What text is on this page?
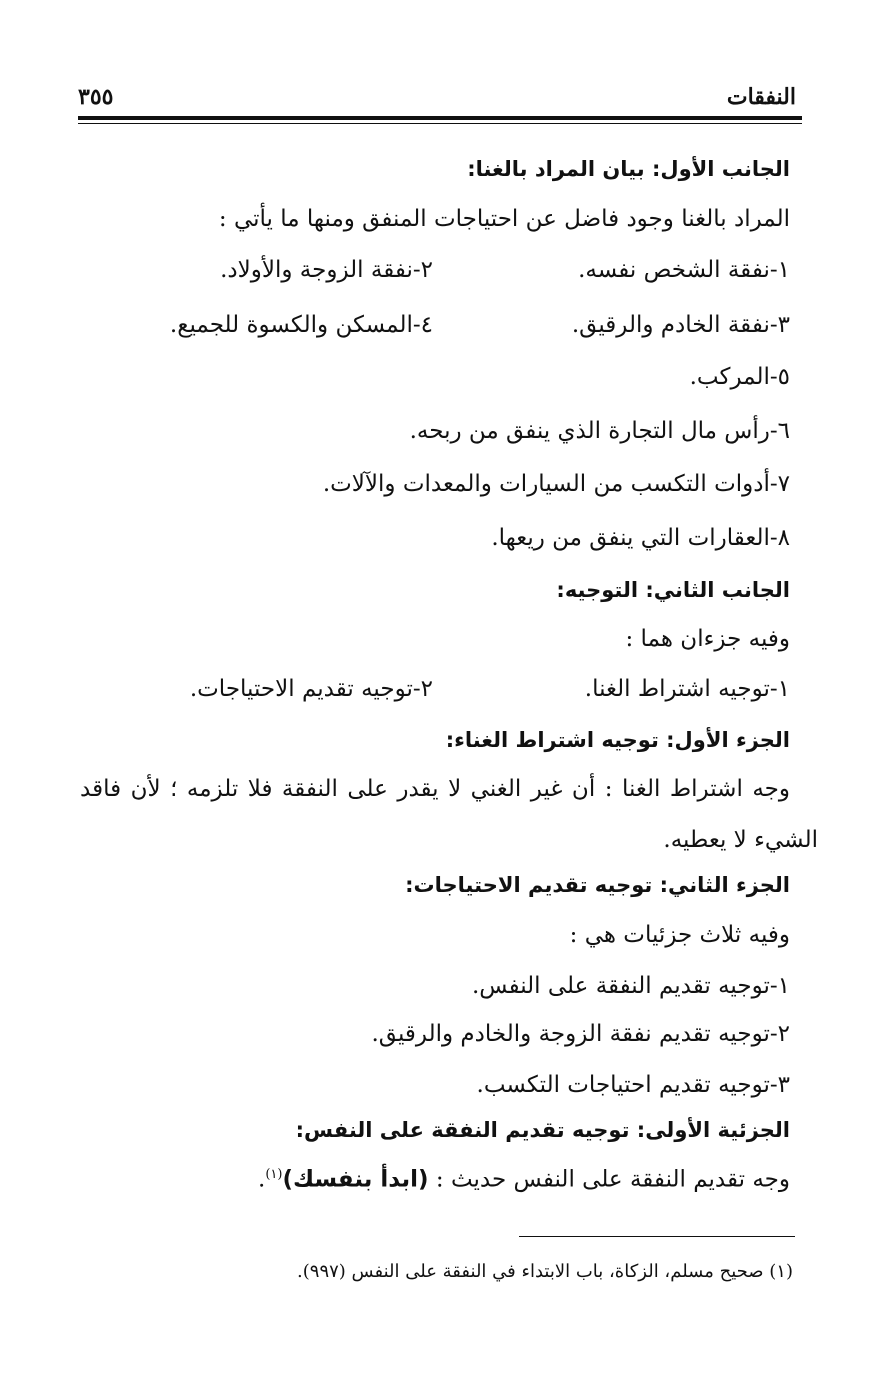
النفقات
٣٥٥
الجانب الأول: بيان المراد بالغنا:
المراد بالغنا وجود فاضل عن احتياجات المنفق ومنها ما يأتي :
١-نفقة الشخص نفسه.
٢-نفقة الزوجة والأولاد.
٣-نفقة الخادم والرقيق.
٤-المسكن والكسوة للجميع.
٥-المركب.
٦-رأس مال التجارة الذي ينفق من ربحه.
٧-أدوات التكسب من السيارات والمعدات والآلات.
٨-العقارات التي ينفق من ريعها.
الجانب الثاني: التوجيه:
وفيه جزءان هما :
١-توجيه اشتراط الغنا.
٢-توجيه تقديم الاحتياجات.
الجزء الأول: توجيه اشتراط الغناء:
وجه اشتراط الغنا : أن غير الغني لا يقدر على النفقة فلا تلزمه ؛ لأن فاقد
الشيء لا يعطيه.
الجزء الثاني: توجيه تقديم الاحتياجات:
وفيه ثلاث جزئيات هي :
١-توجيه تقديم النفقة على النفس.
٢-توجيه تقديم نفقة الزوجة والخادم والرقيق.
٣-توجيه تقديم احتياجات التكسب.
الجزئية الأولى: توجيه تقديم النفقة على النفس:
وجه تقديم النفقة على النفس حديث : (ابدأ بنفسك)$^{(١)}$.
(١) صحيح مسلم، الزكاة، باب الابتداء في النفقة على النفس (٩٩٧).
